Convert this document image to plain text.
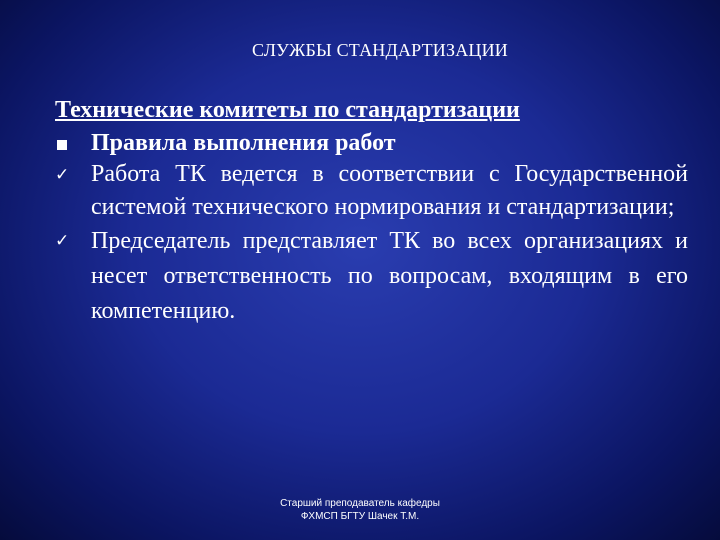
СЛУЖБЫ СТАНДАРТИЗАЦИИ
Технические комитеты по стандартизации
Правила выполнения работ
✓ Работа ТК ведется в соответствии с Государственной системой технического нормирования и стандартизации;
✓ Председатель представляет ТК во всех организациях и несет ответственность по вопросам, входящим в его компетенцию.
Старший преподаватель кафедры
ФХМСП БГТУ Шачек Т.М.
